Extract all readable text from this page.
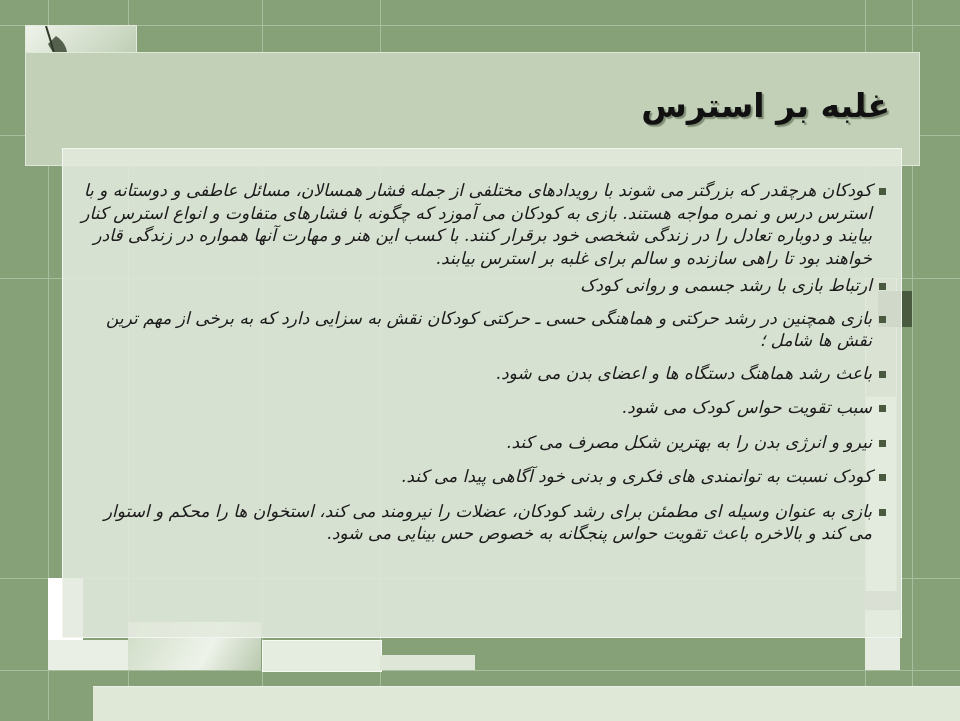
غلبه بر استرس
کودکان هرچقدر که بزرگتر می شوند با رویدادهای مختلفی از جمله فشار همسالان، مسائل عاطفی و دوستانه و با استرس درس و نمره مواجه هستند. بازی به کودکان می آموزد که چگونه با فشارهای متفاوت و انواع استرس کنار بیایند و دوباره تعادل را در زندگی شخصی خود برقرار کنند. با کسب این هنر و مهارت آنها همواره در زندگی قادر خواهند بود تا راهی سازنده و سالم برای غلبه بر استرس بیابند.
ارتباط بازی با رشد جسمی و روانی کودک
بازی همچنین در رشد حرکتی و هماهنگی حسی ـ حرکتی کودکان نقش به سزایی دارد که به برخی از مهم ترین نقش ها شامل ؛
باعث رشد هماهنگ دستگاه ها و اعضای بدن می شود.
سبب تقویت حواس کودک می شود.
نیرو و انرژی بدن را به بهترین شکل مصرف می کند.
کودک نسبت به توانمندی های فکری و بدنی خود آگاهی پیدا می کند.
بازی به عنوان وسیله ای مطمئن برای رشد کودکان، عضلات را نیرومند می کند، استخوان ها را محکم و استوار می کند و بالاخره باعث تقویت حواس پنجگانه به خصوص حس بینایی می شود.
